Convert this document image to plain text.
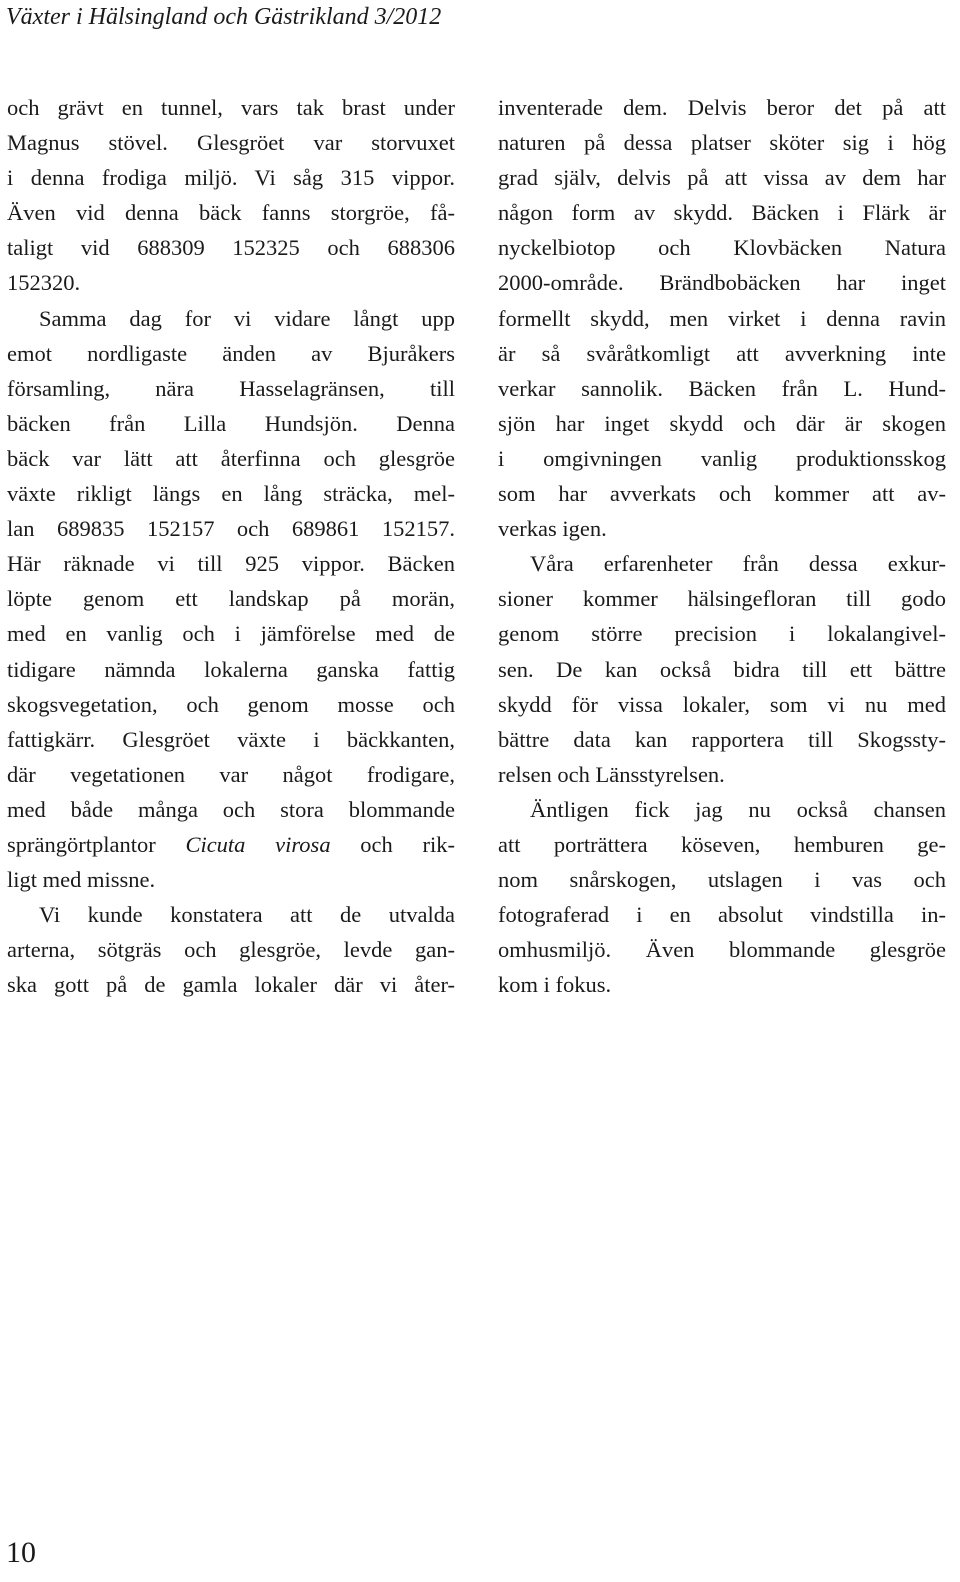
Växter i Hälsingland och Gästrikland 3/2012
och grävt en tunnel, vars tak brast under
Magnus stövel. Glesgröet var storvuxet
i denna frodiga miljö. Vi såg 315 vippor.
Även vid denna bäck fanns storgröe, få-
taligt vid 688309 152325 och 688306
152320.
Samma dag for vi vidare långt upp
emot nordligaste änden av Bjuråkers
församling, nära Hasselagränsen, till
bäcken från Lilla Hundsjön. Denna
bäck var lätt att återfinna och glesgröe
växte rikligt längs en lång sträcka, mel-
lan 689835 152157 och 689861 152157.
Här räknade vi till 925 vippor. Bäcken
löpte genom ett landskap på morän,
med en vanlig och i jämförelse med de
tidigare nämnda lokalerna ganska fattig
skogsvegetation, och genom mosse och
fattigkärr. Glesgröet växte i bäckkanten,
där vegetationen var något frodigare,
med både många och stora blommande
sprängörtplantor Cicuta virosa och rik-
ligt med missne.
Vi kunde konstatera att de utvalda
arterna, sötgräs och glesgröe, levde gan-
ska gott på de gamla lokaler där vi åter-
inventerade dem. Delvis beror det på att
naturen på dessa platser sköter sig i hög
grad själv, delvis på att vissa av dem har
någon form av skydd. Bäcken i Flärk är
nyckelbiotop och Klovbäcken Natura
2000-område. Brändbobäcken har inget
formellt skydd, men virket i denna ravin
är så svåråtkomligt att avverkning inte
verkar sannolik. Bäcken från L. Hund-
sjön har inget skydd och där är skogen
i omgivningen vanlig produktionsskog
som har avverkats och kommer att av-
verkas igen.
Våra erfarenheter från dessa exkur-
sioner kommer hälsingefloran till godo
genom större precision i lokalangivel-
sen. De kan också bidra till ett bättre
skydd för vissa lokaler, som vi nu med
bättre data kan rapportera till Skogssty-
relsen och Länsstyrelsen.
Äntligen fick jag nu också chansen
att porträttera köseven, hemburen ge-
nom snårskogen, utslagen i vas och
fotograferad i en absolut vindstilla in-
omhusmiljö. Även blommande glesgröe
kom i fokus.
10
